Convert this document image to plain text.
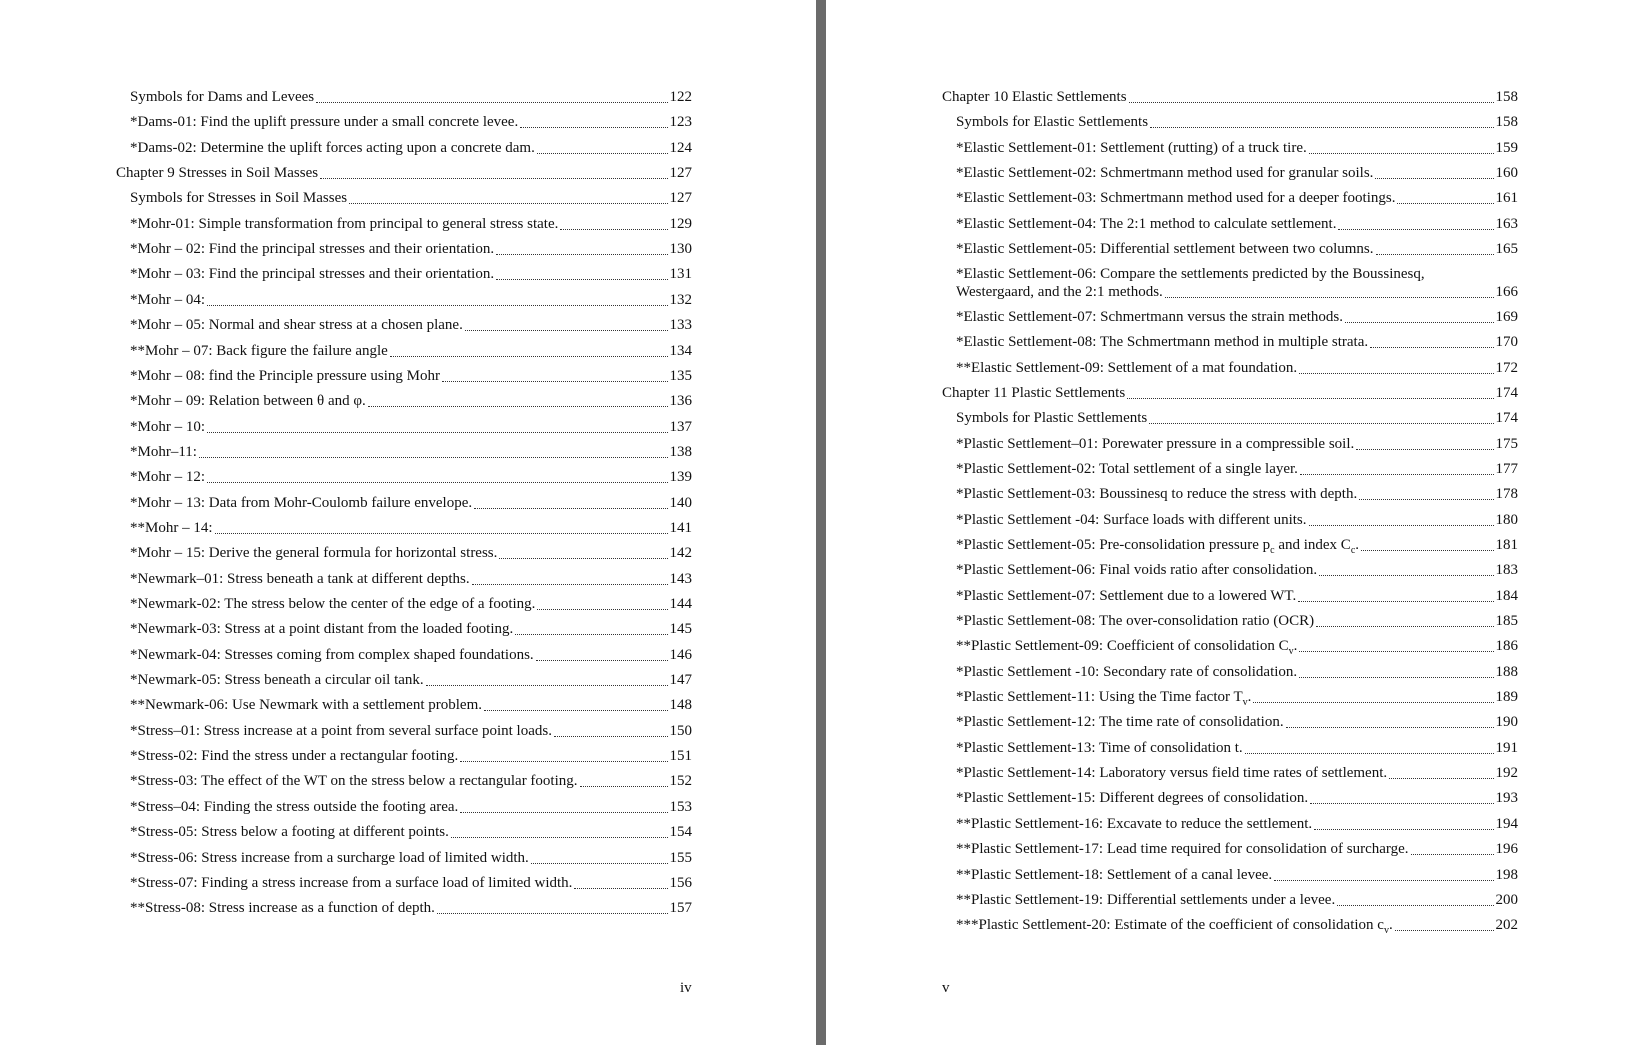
Symbols for Dams and Levees	122
*Dams-01: Find the uplift pressure under a small concrete levee.	123
*Dams-02: Determine the uplift forces acting upon a concrete dam.	124
Chapter 9 Stresses in Soil Masses	127
Symbols for Stresses in Soil Masses	127
*Mohr-01: Simple transformation from principal to general stress state.	129
*Mohr – 02: Find the principal stresses and their orientation.	130
*Mohr – 03: Find the principal stresses and their orientation.	131
*Mohr – 04:	132
*Mohr – 05: Normal and shear stress at a chosen plane.	133
**Mohr – 07: Back figure the failure angle	134
*Mohr – 08: find the Principle pressure using Mohr	135
*Mohr – 09: Relation between θ and φ.	136
*Mohr – 10:	137
*Mohr–11:	138
*Mohr – 12:	139
*Mohr – 13: Data from Mohr-Coulomb failure envelope.	140
**Mohr – 14:	141
*Mohr – 15: Derive the general formula for horizontal stress.	142
*Newmark–01: Stress beneath a tank at different depths.	143
*Newmark-02: The stress below the center of the edge of a footing.	144
*Newmark-03: Stress at a point distant from the loaded footing.	145
*Newmark-04: Stresses coming from complex shaped foundations.	146
*Newmark-05: Stress beneath a circular oil tank.	147
**Newmark-06: Use Newmark with a settlement problem.	148
*Stress–01: Stress increase at a point from several surface point loads.	150
*Stress-02: Find the stress under a rectangular footing.	151
*Stress-03: The effect of the WT on the stress below a rectangular footing.	152
*Stress–04: Finding the stress outside the footing area.	153
*Stress-05: Stress below a footing at different points.	154
*Stress-06: Stress increase from a surcharge load of limited width.	155
*Stress-07: Finding a stress increase from a surface load of limited width.	156
**Stress-08: Stress increase as a function of depth.	157
iv
Chapter 10 Elastic Settlements	158
Symbols for Elastic Settlements	158
*Elastic Settlement-01: Settlement (rutting) of a truck tire.	159
*Elastic Settlement-02: Schmertmann method used for granular soils.	160
*Elastic Settlement-03: Schmertmann method used for a deeper footings.	161
*Elastic Settlement-04: The 2:1 method to calculate settlement.	163
*Elastic Settlement-05: Differential settlement between two columns.	165
*Elastic Settlement-06: Compare the settlements predicted by the Boussinesq,
Westergaard, and the 2:1 methods.	166
*Elastic Settlement-07: Schmertmann versus the strain methods.	169
*Elastic Settlement-08: The Schmertmann method in multiple strata.	170
**Elastic Settlement-09: Settlement of a mat foundation.	172
Chapter 11 Plastic Settlements	174
Symbols for Plastic Settlements	174
*Plastic Settlement–01: Porewater pressure in a compressible soil.	175
*Plastic Settlement-02: Total settlement of a single layer.	177
*Plastic Settlement-03: Boussinesq to reduce the stress with depth.	178
*Plastic Settlement -04: Surface loads with different units.	180
*Plastic Settlement-05: Pre-consolidation pressure $p_c$ and index $C_c$.	181
*Plastic Settlement-06: Final voids ratio after consolidation.	183
*Plastic Settlement-07: Settlement due to a lowered WT.	184
*Plastic Settlement-08: The over-consolidation ratio (OCR)	185
**Plastic Settlement-09: Coefficient of consolidation $C_v$.	186
*Plastic Settlement -10: Secondary rate of consolidation.	188
*Plastic Settlement-11: Using the Time factor $T_v$.	189
*Plastic Settlement-12: The time rate of consolidation.	190
*Plastic Settlement-13: Time of consolidation t.	191
*Plastic Settlement-14: Laboratory versus field time rates of settlement.	192
*Plastic Settlement-15: Different degrees of consolidation.	193
**Plastic Settlement-16: Excavate to reduce the settlement.	194
**Plastic Settlement-17: Lead time required for consolidation of surcharge.	196
**Plastic Settlement-18: Settlement of a canal levee.	198
**Plastic Settlement-19: Differential settlements under a levee.	200
***Plastic Settlement-20: Estimate of the coefficient of consolidation $c_v$.	202
v
